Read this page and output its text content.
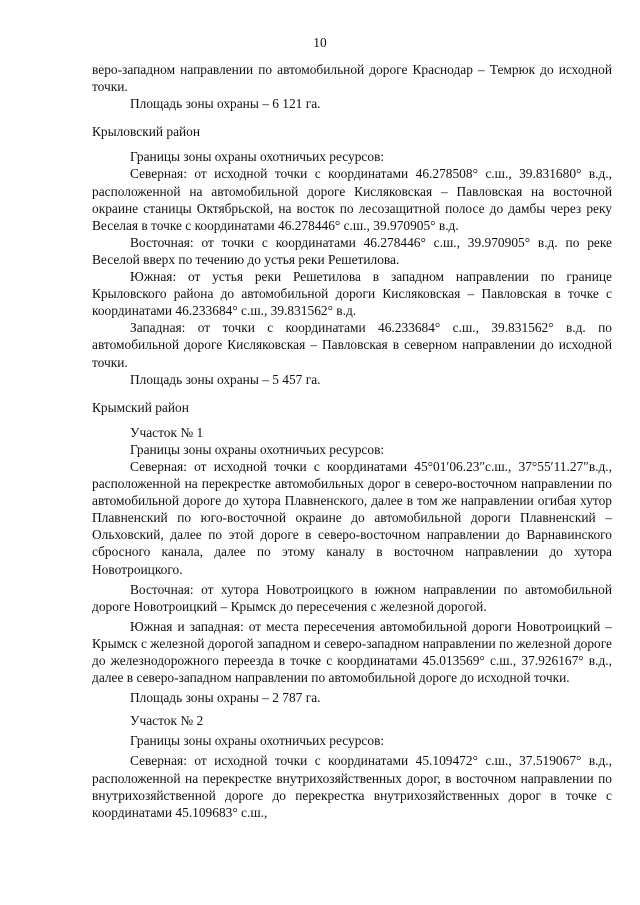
10

веро-западном направлении по автомобильной дороге Краснодар – Темрюк до исходной точки.

Площадь зоны охраны – 6 121 га.

Крыловский район

Границы зоны охраны охотничьих ресурсов:

Северная: от исходной точки с координатами 46.278508° с.ш., 39.831680° в.д., расположенной на автомобильной дороге Кисляковская – Павловская на восточной окраине станицы Октябрьской, на восток по лесозащитной полосе до дамбы через реку Веселая в точке с координатами 46.278446° с.ш., 39.970905° в.д.

Восточная: от точки с координатами 46.278446° с.ш., 39.970905° в.д. по реке Веселой вверх по течению до устья реки Решетилова.

Южная: от устья реки Решетилова в западном направлении по границе Крыловского района до автомобильной дороги Кисляковская – Павловская в точке с координатами 46.233684° с.ш., 39.831562° в.д.

Западная: от точки с координатами 46.233684° с.ш., 39.831562° в.д. по автомобильной дороге Кисляковская – Павловская в северном направлении до исходной точки.

Площадь зоны охраны – 5 457 га.

Крымский район

Участок № 1

Границы зоны охраны охотничьих ресурсов:

Северная: от исходной точки с координатами 45°01′06.23″с.ш., 37°55′11.27″в.д., расположенной на перекрестке автомобильных дорог в северо-восточном направлении по автомобильной дороге до хутора Плавненского, далее в том же направлении огибая хутор Плавненский по юго-восточной окраине до автомобильной дороги Плавненский – Ольховский, далее по этой дороге в северо-восточном направлении до Варнавинского сбросного канала, далее по этому каналу в восточном направлении до хутора Новотроицкого.

Восточная: от хутора Новотроицкого в южном направлении по автомобильной дороге Новотроицкий – Крымск до пересечения с железной дорогой.

Южная и западная: от места пересечения автомобильной дороги Новотроицкий – Крымск с железной дорогой западном и северо-западном направлении по железной дороге до железнодорожного переезда в точке с координатами 45.013569° с.ш., 37.926167° в.д., далее в северо-западном направлении по автомобильной дороге до исходной точки.

Площадь зоны охраны – 2 787 га.

Участок № 2

Границы зоны охраны охотничьих ресурсов:

Северная: от исходной точки с координатами 45.109472° с.ш., 37.519067° в.д., расположенной на перекрестке внутрихозяйственных дорог, в восточном направлении по внутрихозяйственной дороге до перекрестка внутрихозяйственных дорог в точке с координатами 45.109683° с.ш.,
